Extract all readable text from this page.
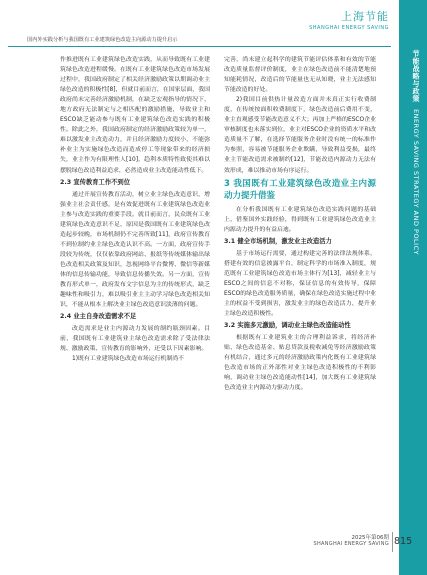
节能战略与政策 ENERGY SAVING STRATEGY AND POLICY
上海节能
SHANGHAI ENERGY SAVING
国内外实践分析与我国既有工业建筑绿色改造主向源动力提升启示

作推进既有工业建筑绿色改造实践，从而导致既有工业建筑绿色改造进程缓慢。在既有工业建筑绿色改造市场发展过程中，我国政府制定了相关经济激励政策以期调动业主绿色改造的积极性[8]，但就目前而言，在国家层面，我国政府尚未完善经济激励机制，在缺乏宏观指导的情况下，地方政府无法制定与之相匹配的激励措施，导致业主和ESCO缺乏能动参与既有工业建筑绿色改造实践的积极性。除此之外，我国政府制定的经济激励政策较为单一，难以激发业主改造动力，并且经济激励力度较小，不能弥补业主为实施绿色改造而造成停工等现象带来的经济损失，业主作为有限理性人[10]，趋利本质特性致使其难以摆脱绿色改造利益追求，必然造成业主改造能动性低下。

2.3 宣传教育工作不到位

通过开展宣传教育活动，树立业主绿色改造意识，增强业主社会责任感，是有效促进既有工业建筑绿色改造业主参与改造实践的重要手段。就目前而言，民众既有工业建筑绿色改造意识不足，原因是我国既有工业建筑绿色改造起步较晚，市场机制仍不完善所致[11]，政府宣传教育不到位制约业主绿色改造认识不高。一方面，政府宣传手段较为传统，仅仅依靠政府网站、报纸等传统媒体输出绿色改造相关政策及知识，忽视网络平台微博、微信等新媒体的信息传输功能，导致信息传播失效。另一方面，宣传教育形式单一，政府发布文字信息为主的传统形式，缺乏趣味性和吸引力，难以吸引业主主动学习绿色改造相关知识，不能从根本上解决业主绿色改造意识淡薄的问题。

2.4 业主自身改造需求不足

改造需求是业主内源动力发展的制约瓶颈因素。目前，我国既有工业建筑业主绿色改造需求除了受法律法规、激励政策、宣传教育的影响外，还受以下因素影响。

1)既有工业建筑绿色改造市场运行机制尚不

完善，尚未建立起科学的建筑节能评估体系和有效的节能改造质量监督评价制度，业主在绿色改造前不能清楚地预知能耗情况，改造后的节能量也无从知晓，业主无法感知节能改造的好处。

2)我国目前供热计量改造方面并未真正实行收费制度，在传统按面积收费制度下，绿色改造前后费用不变，业主直观感受节能改造意义不大；再加上严格的ESCO企业审核制度也未落实到位，业主对ESCO企业的资质水平和改造质量不了解，在选择节能服务企业时没有统一的标准作为参照，容易被节能服务企业欺瞒，导致利益受损，最终业主节能改造需求被制约[12]，节能改造内源动力无法有效形成，难以推动市场有序运行。

3 我国既有工业建筑绿色改造业主内源动力提升借鉴

在分析我国既有工业建筑绿色改造实践问题的基础上，借鉴国外实践经验，得到既有工业建筑绿色改造业主内源动力提升的有益启迪。

3.1 健全市场机制，激发业主改造活力

基于市场运行需要，通过构建完善的法律法规体系，搭建有效的信息披露平台，制定科学的市场准入制度，规范既有工业建筑绿色改造市场主体行为[13]，减轻业主与ESCO之间的信息不对称，保证信息的有效传导，保障ESCO的绿色改造服务质量，确保在绿色改造实施过程中业主的权益不受到损害，激发业主的绿色改造活力，提升业主绿色改造积极性。

3.2 实施多元激励，调动业主绿色改造能动性

根据既有工业建筑业主的合理利益诉求，将经济补贴、绿色改造基金、贴息贷款及税收减免等经济激励政策有机结合，通过多元的经济激励政策内化既有工业建筑绿色改造市场的正外部性对业主绿色改造积极性的不利影响，调动业主绿色改造能动性[14]，加大既有工业建筑绿色改造业主内源动力驱动力度。

2025年第06期
SHANGHAI ENERGY SAVING 815
